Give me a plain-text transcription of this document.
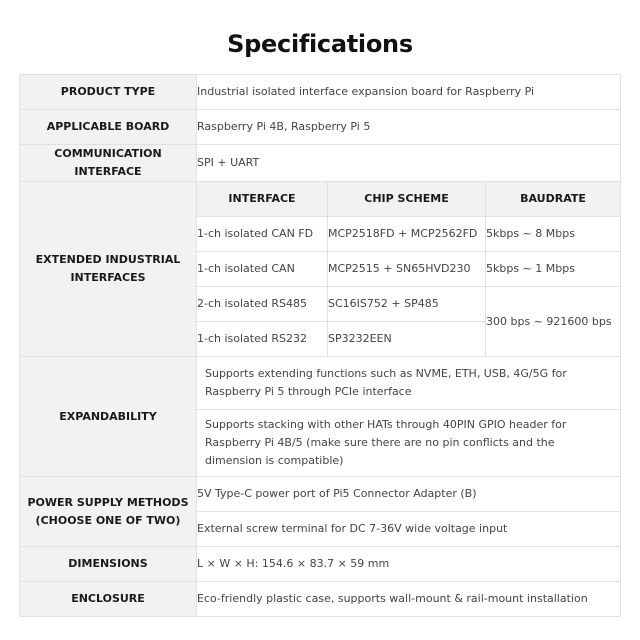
Specifications
PRODUCT TYPE	Industrial isolated interface expansion board for Raspberry Pi		
APPLICABLE BOARD	Raspberry Pi 4B, Raspberry Pi 5		
COMMUNICATION INTERFACE	SPI + UART		
EXTENDED INDUSTRIAL INTERFACES	INTERFACE	CHIP SCHEME	BAUDRATE
	1-ch isolated CAN FD	MCP2518FD + MCP2562FD	5kbps ~ 8 Mbps
	1-ch isolated CAN	MCP2515 + SN65HVD230	5kbps ~ 1 Mbps
	2-ch isolated RS485	SC16IS752 + SP485	300 bps ~ 921600 bps
	1-ch isolated RS232	SP3232EEN	
EXPANDABILITY	Supports extending functions such as NVME, ETH, USB, 4G/5G for Raspberry Pi 5 through PCIe interface		
	Supports stacking with other HATs through 40PIN GPIO header for Raspberry Pi 4B/5 (make sure there are no pin conflicts and the dimension is compatible)		
POWER SUPPLY METHODS (CHOOSE ONE OF TWO)	5V Type-C power port of Pi5 Connector Adapter (B)		
	External screw terminal for DC 7-36V wide voltage input		
DIMENSIONS	L × W × H: 154.6 × 83.7 × 59 mm		
ENCLOSURE	Eco-friendly plastic case, supports wall-mount & rail-mount installation		
